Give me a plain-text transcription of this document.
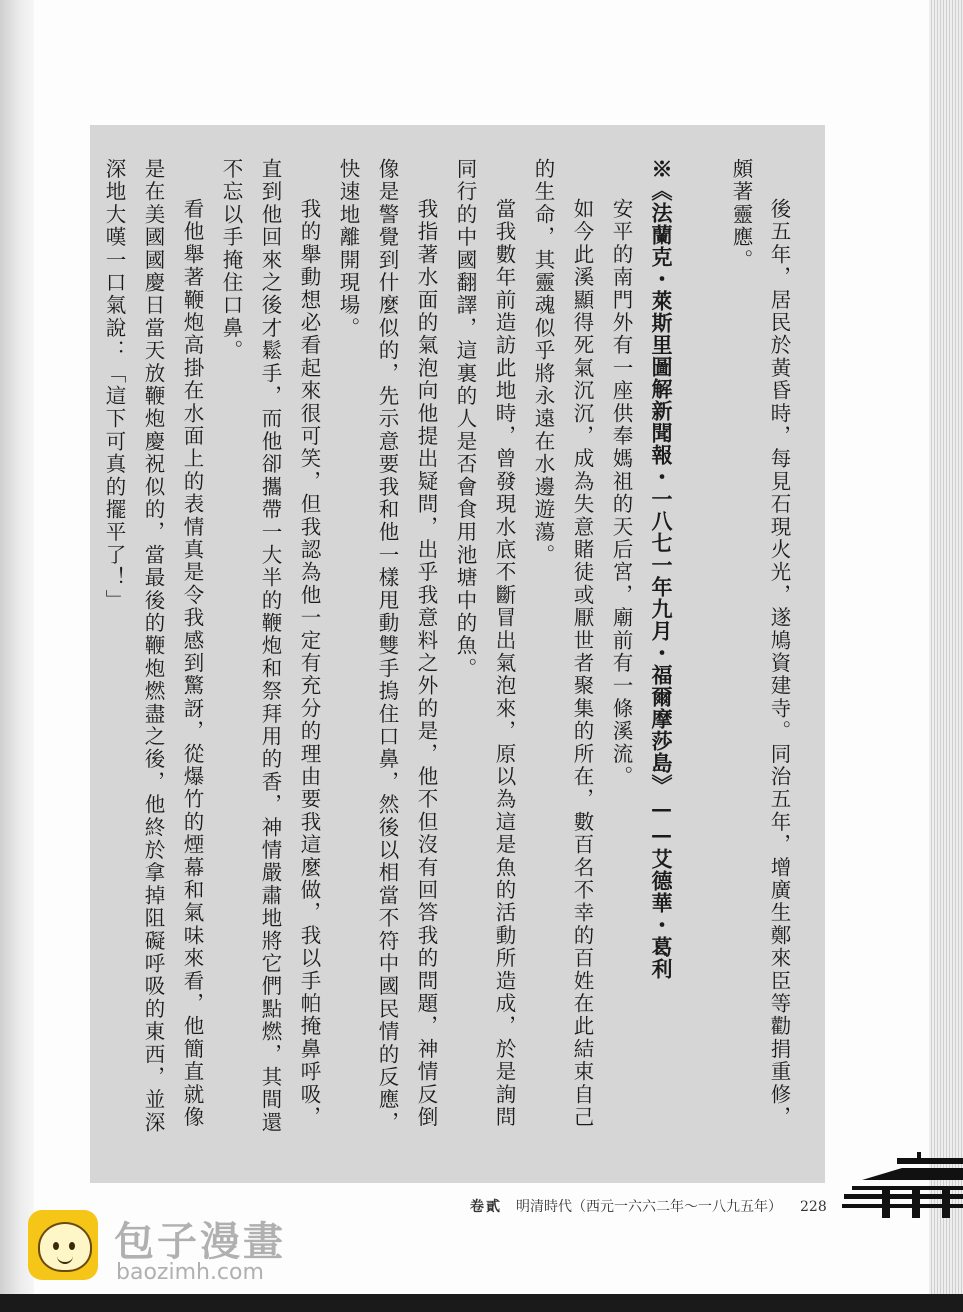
後五年，居民於黃昏時，每見石現火光，遂鳩資建寺。同治五年，增廣生鄭來臣等勸捐重修，
頗著靈應。
※《法蘭克・萊斯里圖解新聞報・一八七一年九月・福爾摩莎島》——艾德華・葛利
安平的南門外有一座供奉媽祖的天后宮，廟前有一條溪流。
如今此溪顯得死氣沉沉，成為失意賭徒或厭世者聚集的所在，數百名不幸的百姓在此結束自己
的生命，其靈魂似乎將永遠在水邊遊蕩。
當我數年前造訪此地時，曾發現水底不斷冒出氣泡來，原以為這是魚的活動所造成，於是詢問
同行的中國翻譯，這裏的人是否會食用池塘中的魚。
我指著水面的氣泡向他提出疑問，出乎我意料之外的是，他不但沒有回答我的問題，神情反倒
像是警覺到什麼似的，先示意要我和他一樣甩動雙手摀住口鼻，然後以相當不符中國民情的反應，
快速地離開現場。
我的舉動想必看起來很可笑，但我認為他一定有充分的理由要我這麼做，我以手帕掩鼻呼吸，
直到他回來之後才鬆手，而他卻攜帶一大半的鞭炮和祭拜用的香，神情嚴肅地將它們點燃，其間還
不忘以手掩住口鼻。
看他舉著鞭炮高掛在水面上的表情真是令我感到驚訝，從爆竹的煙幕和氣味來看，他簡直就像
是在美國國慶日當天放鞭炮慶祝似的，當最後的鞭炮燃盡之後，他終於拿掉阻礙呼吸的東西，並深
深地大嘆一口氣說：「這下可真的擺平了！」
卷貳 明清時代（西元一六六二年～一八九五年） 228
包子漫畫
baozimh.com
